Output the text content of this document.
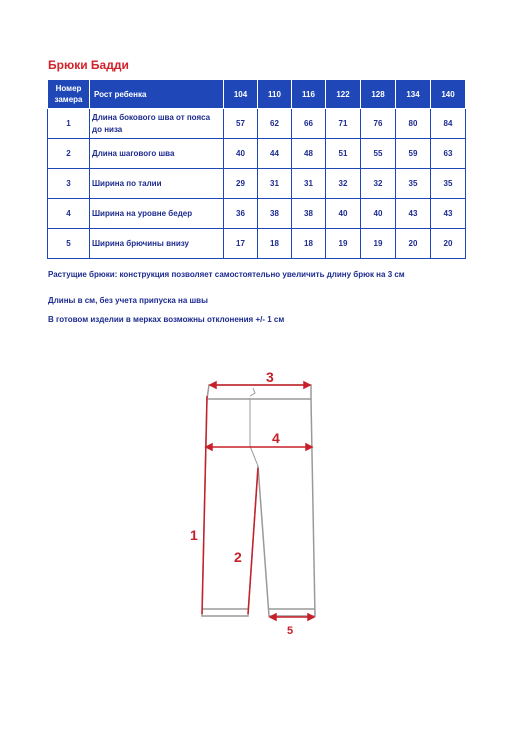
Брюки Бадди
Номер замера	Рост ребенка	104	110	116	122	128	134	140
1	Длина бокового шва от пояса до низа	57	62	66	71	76	80	84
2	Длина шагового шва	40	44	48	51	55	59	63
3	Ширина по талии	29	31	31	32	32	35	35
4	Ширина на уровне бедер	36	38	38	40	40	43	43
5	Ширина брючины внизу	17	18	18	19	19	20	20
Растущие брюки: конструкция позволяет самостоятельно увеличить длину брюк на 3 см
Длины в см, без учета припуска на швы
В готовом изделии в мерках возможны отклонения +/- 1 см
3
4
1
2
5
